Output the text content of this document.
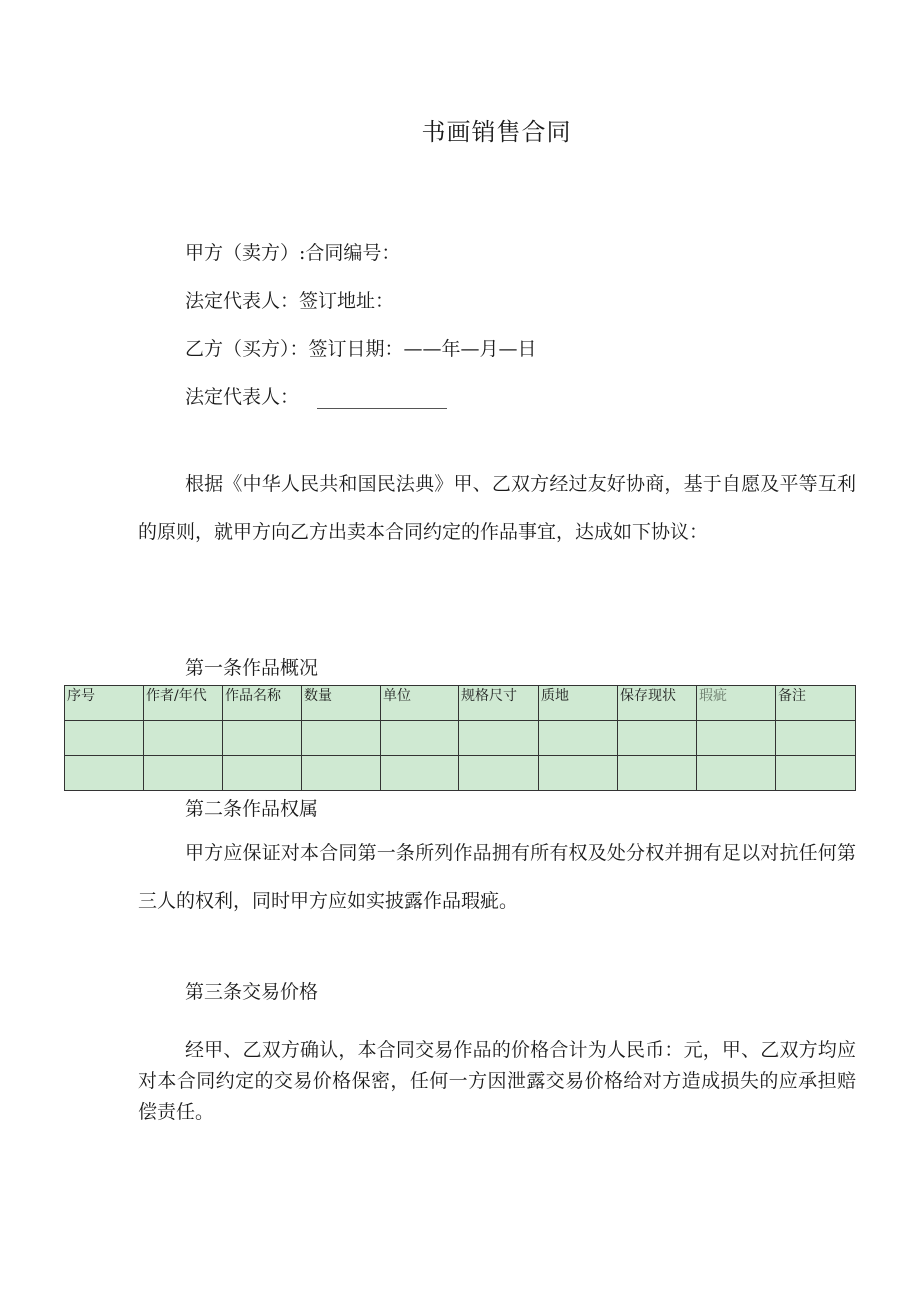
书画销售合同
甲方（卖方）:合同编号：
法定代表人：签订地址：
乙方（买方）：签订日期：——年—月—日
法定代表人：
根据《中华人民共和国民法典》甲、乙双方经过友好协商，基于自愿及平等互利的原则，就甲方向乙方出卖本合同约定的作品事宜，达成如下协议：
第一条作品概况
序号	作者/年代	作品名称	数量	单位	规格尺寸	质地	保存现状	瑕疵	备注

第二条作品权属
甲方应保证对本合同第一条所列作品拥有所有权及处分权并拥有足以对抗任何第三人的权利，同时甲方应如实披露作品瑕疵。
第三条交易价格
经甲、乙双方确认，本合同交易作品的价格合计为人民币：元，甲、乙双方均应对本合同约定的交易价格保密，任何一方因泄露交易价格给对方造成损失的应承担赔偿责任。
